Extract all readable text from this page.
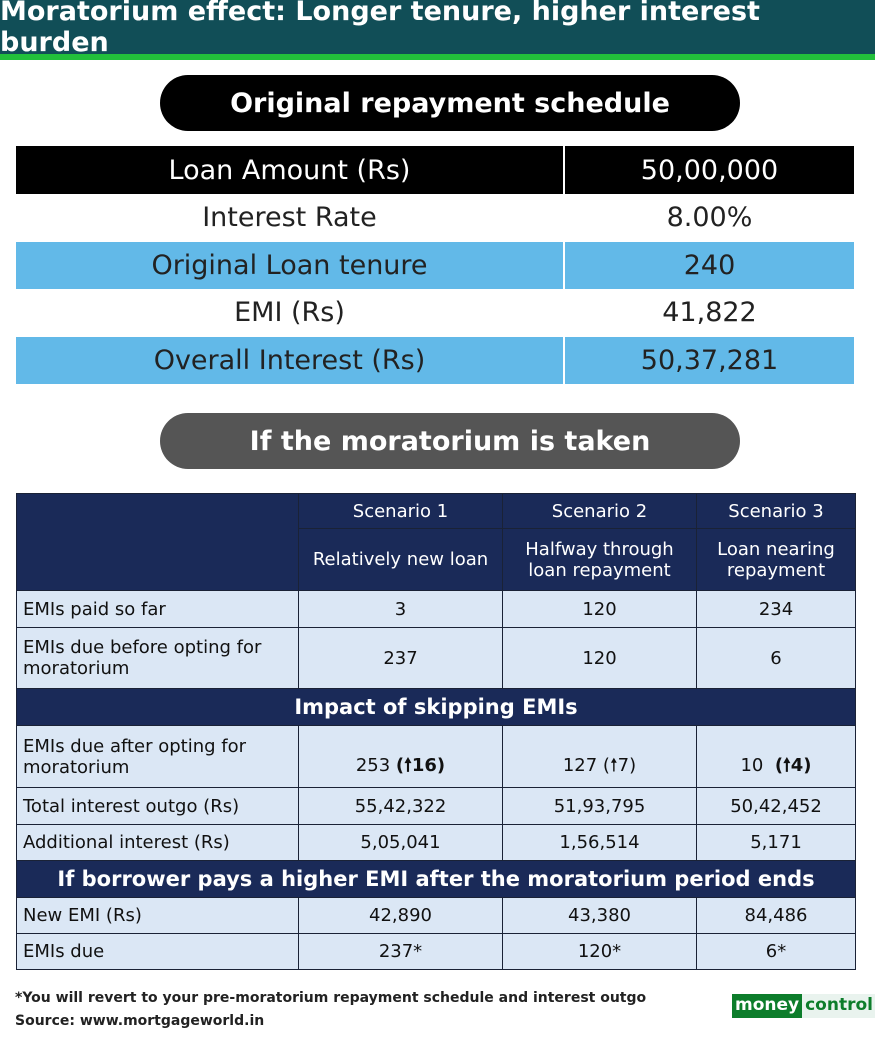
Moratorium effect: Longer tenure, higher interest burden
Original repayment schedule
Loan Amount (Rs)	50,00,000
Interest Rate	8.00%
Original Loan tenure	240
EMI (Rs)	41,822
Overall Interest (Rs)	50,37,281
If the moratorium is taken
	Scenario 1	Scenario 2	Scenario 3
	Relatively new loan	Halfway through loan repayment	Loan nearing repayment
EMIs paid so far	3	120	234
EMIs due before opting for moratorium	237	120	6
Impact of skipping EMIs			
EMIs due after opting for moratorium	253 (🠕16)	127 (🠕7)	10 (🠕4)
Total interest outgo (Rs)	55,42,322	51,93,795	50,42,452
Additional interest (Rs)	5,05,041	1,56,514	5,171
If borrower pays a higher EMI after the moratorium period ends			
New EMI (Rs)	42,890	43,380	84,486
EMIs due	237*	120*	6*
*You will revert to your pre-moratorium repayment schedule and interest outgo
Source: www.mortgageworld.in
money control
